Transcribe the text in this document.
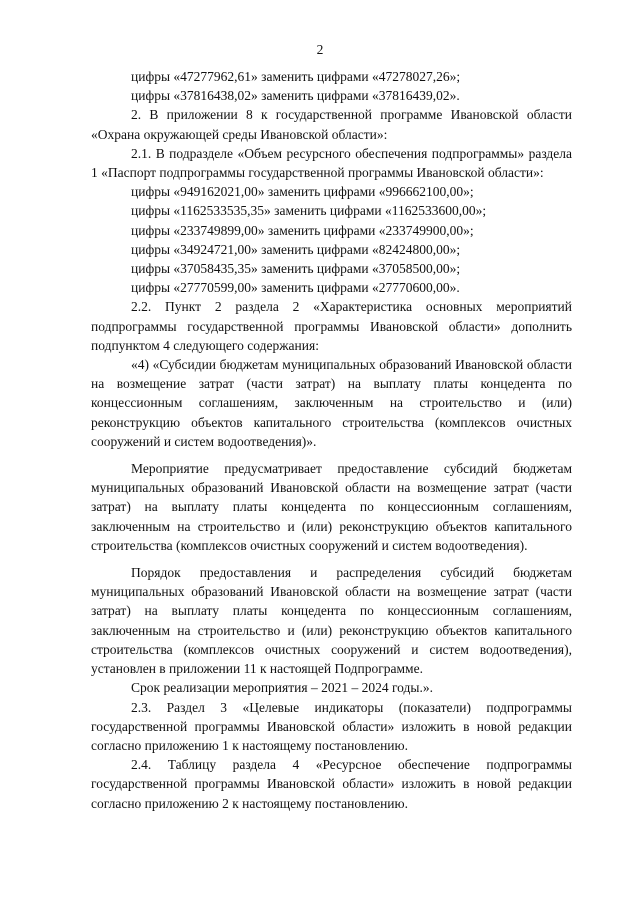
2

цифры «47277962,61» заменить цифрами «47278027,26»;

цифры «37816438,02» заменить цифрами «37816439,02».

2. В приложении 8 к государственной программе Ивановской области «Охрана окружающей среды Ивановской области»:

2.1. В подразделе «Объем ресурсного обеспечения подпрограммы» раздела 1 «Паспорт подпрограммы государственной программы Ивановской области»:

цифры «949162021,00» заменить цифрами «996662100,00»;

цифры «1162533535,35» заменить цифрами «1162533600,00»;

цифры «233749899,00» заменить цифрами «233749900,00»;

цифры «34924721,00» заменить цифрами «82424800,00»;

цифры «37058435,35» заменить цифрами «37058500,00»;

цифры «27770599,00» заменить цифрами «27770600,00».

2.2. Пункт 2 раздела 2 «Характеристика основных мероприятий подпрограммы государственной программы Ивановской области» дополнить подпунктом 4 следующего содержания:

«4) «Субсидии бюджетам муниципальных образований Ивановской области на возмещение затрат (части затрат) на выплату платы концедента по концессионным соглашениям, заключенным на строительство и (или) реконструкцию объектов капитального строительства (комплексов очистных сооружений и систем водоотведения)».

Мероприятие предусматривает предоставление субсидий бюджетам муниципальных образований Ивановской области на возмещение затрат (части затрат) на выплату платы концедента по концессионным соглашениям, заключенным на строительство и (или) реконструкцию объектов капитального строительства (комплексов очистных сооружений и систем водоотведения).

Порядок предоставления и распределения субсидий бюджетам муниципальных образований Ивановской области на возмещение затрат (части затрат) на выплату платы концедента по концессионным соглашениям, заключенным на строительство и (или) реконструкцию объектов капитального строительства (комплексов очистных сооружений и систем водоотведения), установлен в приложении 11 к настоящей Подпрограмме.

Срок реализации мероприятия – 2021 – 2024 годы.».

2.3. Раздел 3 «Целевые индикаторы (показатели) подпрограммы государственной программы Ивановской области» изложить в новой редакции согласно приложению 1 к настоящему постановлению.

2.4. Таблицу раздела 4 «Ресурсное обеспечение подпрограммы государственной программы Ивановской области» изложить в новой редакции согласно приложению 2 к настоящему постановлению.
